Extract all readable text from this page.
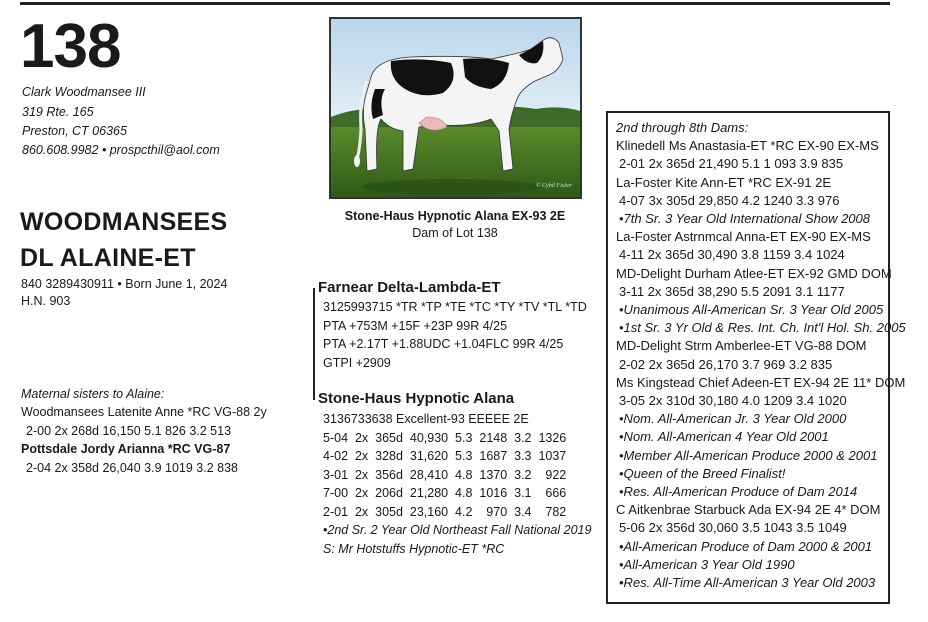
138
Clark Woodmansee III
319 Rte. 165
Preston, CT 06365
860.608.9982 • prospcthil@aol.com
WOODMANSEES
DL ALAINE-ET
840 3289430911 • Born June 1, 2024
H.N. 903
© Cybil Fisher
Stone-Haus Hypnotic Alana EX-93 2E
Dam of Lot 138
Maternal sisters to Alaine:
Woodmansees Latenite Anne *RC VG-88 2y
2-00 2x 268d 16,150 5.1 826 3.2 513
Pottsdale Jordy Arianna *RC VG-87
2-04 2x 358d 26,040 3.9 1019 3.2 838
Farnear Delta-Lambda-ET
3125993715 *TR *TP *TE *TC *TY *TV *TL *TD
PTA +753M +15F +23P 99R 4/25
PTA +2.17T +1.88UDC +1.04FLC 99R 4/25
GTPI +2909
Stone-Haus Hypnotic Alana
3136733638 Excellent-93 EEEEE 2E
5-04  2x  365d  40,930  5.3  2148  3.2  1326
4-02  2x  328d  31,620  5.3  1687  3.3  1037
3-01  2x  356d  28,410  4.8  1370  3.2    922
7-00  2x  206d  21,280  4.8  1016  3.1    666
2-01  2x  305d  23,160  4.2    970  3.4    782
•2nd Sr. 2 Year Old Northeast Fall National 2019
S: Mr Hotstuffs Hypnotic-ET *RC
2nd through 8th Dams:
Klinedell Ms Anastasia-ET *RC EX-90 EX-MS
2-01 2x 365d 21,490 5.1 1 093 3.9 835
La-Foster Kite Ann-ET *RC EX-91 2E
4-07 3x 305d 29,850 4.2 1240 3.3 976
•7th Sr. 3 Year Old International Show 2008
La-Foster Astrnmcal Anna-ET EX-90 EX-MS
4-11 2x 365d 30,490 3.8 1159 3.4 1024
MD-Delight Durham Atlee-ET EX-92 GMD DOM
3-11 2x 365d 38,290 5.5 2091 3.1 1177
•Unanimous All-American Sr. 3 Year Old 2005
•1st Sr. 3 Yr Old & Res. Int. Ch. Int'l Hol. Sh. 2005
MD-Delight Strm Amberlee-ET VG-88 DOM
2-02 2x 365d 26,170 3.7 969 3.2 835
Ms Kingstead Chief Adeen-ET EX-94 2E 11* DOM
3-05 2x 310d 30,180 4.0 1209 3.4 1020
•Nom. All-American Jr. 3 Year Old 2000
•Nom. All-American 4 Year Old 2001
•Member All-American Produce 2000 & 2001
•Queen of the Breed Finalist!
•Res. All-American Produce of Dam 2014
C Aitkenbrae Starbuck Ada EX-94 2E 4* DOM
5-06 2x 356d 30,060 3.5 1043 3.5 1049
•All-American Produce of Dam 2000 & 2001
•All-American 3 Year Old 1990
•Res. All-Time All-American 3 Year Old 2003
